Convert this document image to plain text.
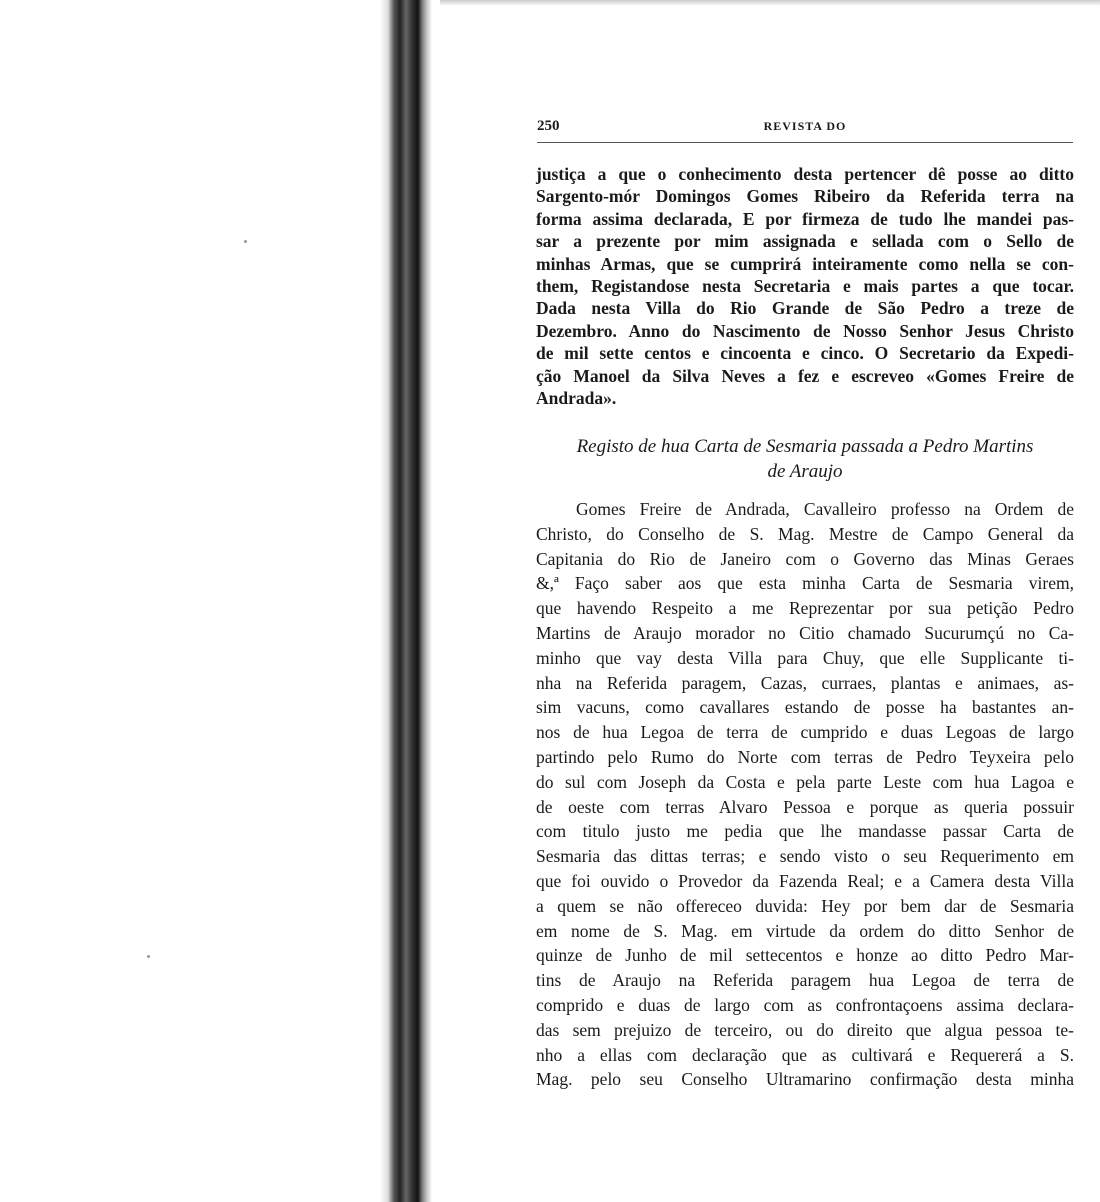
250	REVISTA DO
justiça a que o conhecimento desta pertencer dê posse ao ditto
Sargento-mór Domingos Gomes Ribeiro da Referida terra na
forma assima declarada, E por firmeza de tudo lhe mandei pas-
sar a prezente por mim assignada e sellada com o Sello de
minhas Armas, que se cumprirá inteiramente como nella se con-
them, Registandose nesta Secretaria e mais partes a que tocar.
Dada nesta Villa do Rio Grande de São Pedro a treze de
Dezembro. Anno do Nascimento de Nosso Senhor Jesus Christo
de mil sette centos e cincoenta e cinco. O Secretario da Expedi-
ção Manoel da Silva Neves a fez e escreveo «Gomes Freire de
Andrada».
Registo de hua Carta de Sesmaria passada a Pedro Martins
de Araujo
Gomes Freire de Andrada, Cavalleiro professo na Ordem de
Christo, do Conselho de S. Mag. Mestre de Campo General da
Capitania do Rio de Janeiro com o Governo das Minas Geraes
&,ª Faço saber aos que esta minha Carta de Sesmaria virem,
que havendo Respeito a me Reprezentar por sua petição Pedro
Martins de Araujo morador no Citio chamado Sucurumçú no Ca-
minho que vay desta Villa para Chuy, que elle Supplicante ti-
nha na Referida paragem, Cazas, curraes, plantas e animaes, as-
sim vacuns, como cavallares estando de posse ha bastantes an-
nos de hua Legoa de terra de cumprido e duas Legoas de largo
partindo pelo Rumo do Norte com terras de Pedro Teyxeira pelo
do sul com Joseph da Costa e pela parte Leste com hua Lagoa e
de oeste com terras Alvaro Pessoa e porque as queria possuir
com titulo justo me pedia que lhe mandasse passar Carta de
Sesmaria das dittas terras; e sendo visto o seu Requerimento em
que foi ouvido o Provedor da Fazenda Real; e a Camera desta Villa
a quem se não offereceo duvida: Hey por bem dar de Sesmaria
em nome de S. Mag. em virtude da ordem do ditto Senhor de
quinze de Junho de mil settecentos e honze ao ditto Pedro Mar-
tins de Araujo na Referida paragem hua Legoa de terra de
comprido e duas de largo com as confrontaçoens assima declara-
das sem prejuizo de terceiro, ou do direito que algua pessoa te-
nho a ellas com declaração que as cultivará e Requererá a S.
Mag. pelo seu Conselho Ultramarino confirmação desta minha
